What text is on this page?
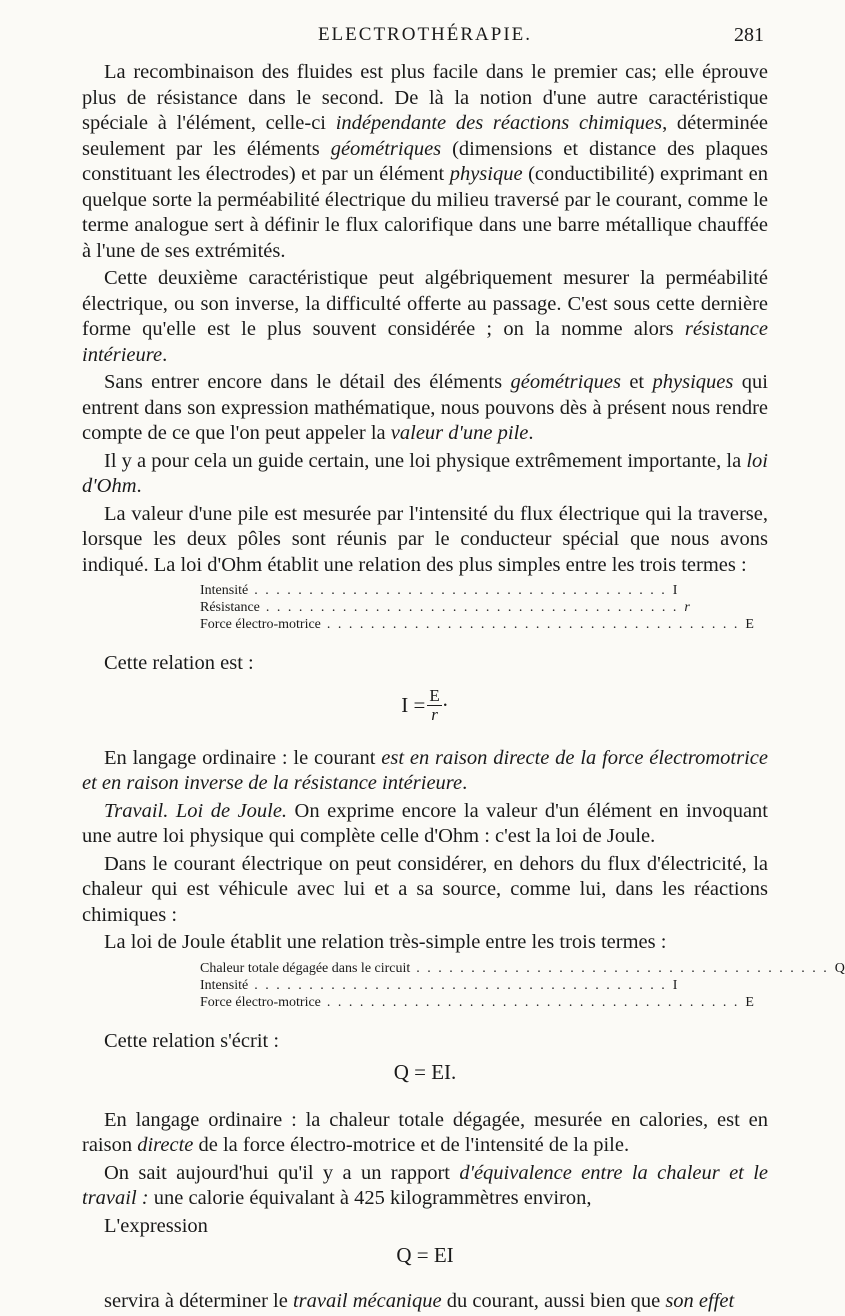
ELECTROTHÉRAPIE.	281

La recombinaison des fluides est plus facile dans le premier cas; elle éprouve plus de résistance dans le second. De là la notion d'une autre caractéristique spéciale à l'élément, celle-ci indépendante des réactions chimiques, déterminée seulement par les éléments géométriques (dimensions et distance des plaques constituant les électrodes) et par un élément physique (conductibilité) exprimant en quelque sorte la perméabilité électrique du milieu traversé par le courant, comme le terme analogue sert à définir le flux calorifique dans une barre métallique chauffée à l'une de ses extrémités.

Cette deuxième caractéristique peut algébriquement mesurer la perméabilité électrique, ou son inverse, la difficulté offerte au passage. C'est sous cette dernière forme qu'elle est le plus souvent considérée ; on la nomme alors résistance intérieure.

Sans entrer encore dans le détail des éléments géométriques et physiques qui entrent dans son expression mathématique, nous pouvons dès à présent nous rendre compte de ce que l'on peut appeler la valeur d'une pile.

Il y a pour cela un guide certain, une loi physique extrêmement importante, la loi d'Ohm.

La valeur d'une pile est mesurée par l'intensité du flux électrique qui la traverse, lorsque les deux pôles sont réunis par le conducteur spécial que nous avons indiqué. La loi d'Ohm établit une relation des plus simples entre les trois termes :

Intensité . . . . . . . . . . . . . . . . . . . . . . . . . . . . . . . . . . . . . . I
Résistance . . . . . . . . . . . . . . . . . . . . . . . . . . . . . . . . . . . . . . r
Force électro-motrice . . . . . . . . . . . . . . . . . . . . . . . . . . . . . . . . . . . . . . E

Cette relation est :

$I = \frac{E}{r}$ ·

En langage ordinaire : le courant est en raison directe de la force électromotrice et en raison inverse de la résistance intérieure.

Travail. Loi de Joule. On exprime encore la valeur d'un élément en invoquant une autre loi physique qui complète celle d'Ohm : c'est la loi de Joule.

Dans le courant électrique on peut considérer, en dehors du flux d'électricité, la chaleur qui est véhicule avec lui et a sa source, comme lui, dans les réactions chimiques :

La loi de Joule établit une relation très-simple entre les trois termes :

Chaleur totale dégagée dans le circuit . . . . . . . . . . . . . . . . . . . . . . . . . . . . . . . . . . . . . . Q
Intensité . . . . . . . . . . . . . . . . . . . . . . . . . . . . . . . . . . . . . . I
Force électro-motrice . . . . . . . . . . . . . . . . . . . . . . . . . . . . . . . . . . . . . . E

Cette relation s'écrit :

Q = EI.

En langage ordinaire : la chaleur totale dégagée, mesurée en calories, est en raison directe de la force électro-motrice et de l'intensité de la pile.

On sait aujourd'hui qu'il y a un rapport d'équivalence entre la chaleur et le travail : une calorie équivalant à 425 kilogrammètres environ,

L'expression

Q = EI

servira à déterminer le travail mécanique du courant, aussi bien que son effet
